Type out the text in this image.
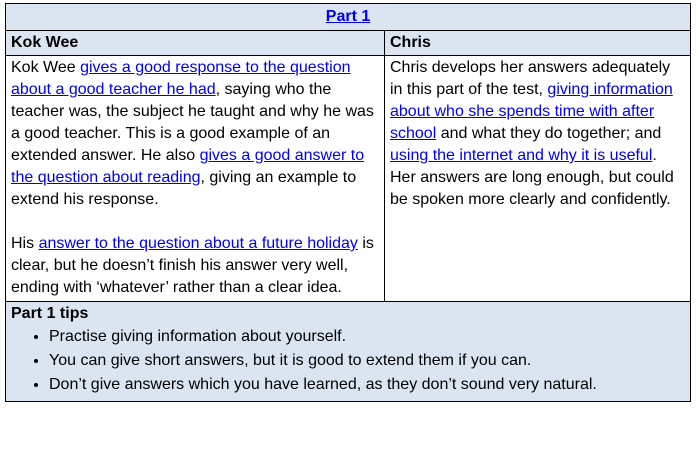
Part 1
Kok Wee

Kok Wee gives a good response to the question about a good teacher he had, saying who the teacher was, the subject he taught and why he was a good teacher. This is a good example of an extended answer. He also gives a good answer to the question about reading, giving an example to extend his response.

His answer to the question about a future holiday is clear, but he doesn’t finish his answer very well, ending with ‘whatever’ rather than a clear idea.

Chris

Chris develops her answers adequately in this part of the test, giving information about who she spends time with after school and what they do together; and using the internet and why it is useful. Her answers are long enough, but could be spoken more clearly and confidently.

Part 1 tips
• Practise giving information about yourself.
• You can give short answers, but it is good to extend them if you can.
• Don’t give answers which you have learned, as they don’t sound very natural.
